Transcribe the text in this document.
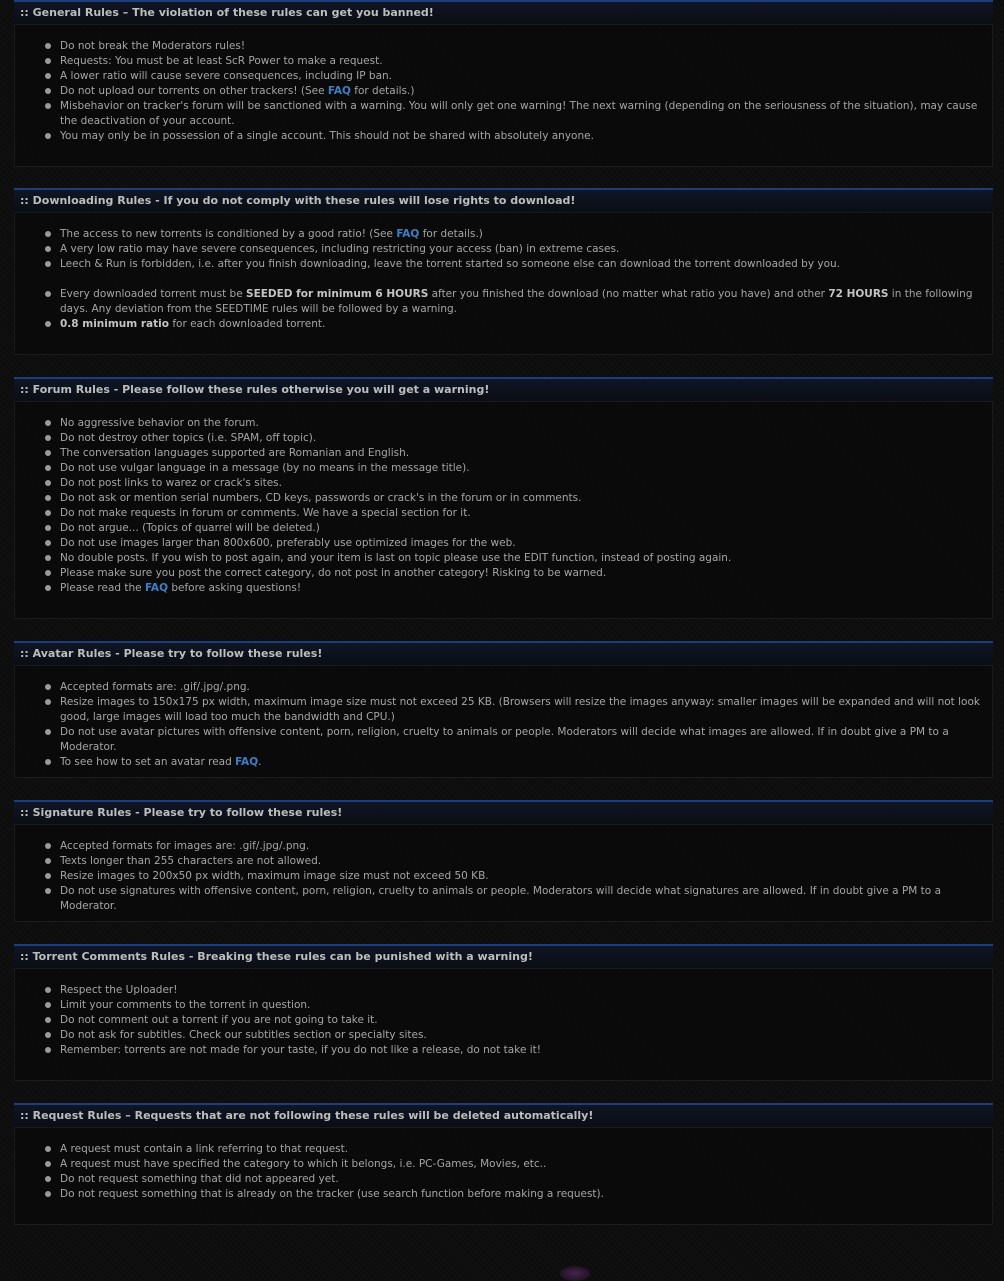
:: General Rules – The violation of these rules can get you banned!
Do not break the Moderators rules!
Requests: You must be at least ScR Power to make a request.
A lower ratio will cause severe consequences, including IP ban.
Do not upload our torrents on other trackers! (See FAQ for details.)
Misbehavior on tracker's forum will be sanctioned with a warning. You will only get one warning! The next warning (depending on the seriousness of the situation), may cause the deactivation of your account.
You may only be in possession of a single account. This should not be shared with absolutely anyone.
:: Downloading Rules - If you do not comply with these rules will lose rights to download!
The access to new torrents is conditioned by a good ratio! (See FAQ for details.)
A very low ratio may have severe consequences, including restricting your access (ban) in extreme cases.
Leech & Run is forbidden, i.e. after you finish downloading, leave the torrent started so someone else can download the torrent downloaded by you.
Every downloaded torrent must be SEEDED for minimum 6 HOURS after you finished the download (no matter what ratio you have) and other 72 HOURS in the following days. Any deviation from the SEEDTIME rules will be followed by a warning.
0.8 minimum ratio for each downloaded torrent.
:: Forum Rules - Please follow these rules otherwise you will get a warning!
No aggressive behavior on the forum.
Do not destroy other topics (i.e. SPAM, off topic).
The conversation languages supported are Romanian and English.
Do not use vulgar language in a message (by no means in the message title).
Do not post links to warez or crack's sites.
Do not ask or mention serial numbers, CD keys, passwords or crack's in the forum or in comments.
Do not make requests in forum or comments. We have a special section for it.
Do not argue... (Topics of quarrel will be deleted.)
Do not use images larger than 800x600, preferably use optimized images for the web.
No double posts. If you wish to post again, and your item is last on topic please use the EDIT function, instead of posting again.
Please make sure you post the correct category, do not post in another category! Risking to be warned.
Please read the FAQ before asking questions!
:: Avatar Rules - Please try to follow these rules!
Accepted formats are: .gif/.jpg/.png.
Resize images to 150x175 px width, maximum image size must not exceed 25 KB. (Browsers will resize the images anyway: smaller images will be expanded and will not look good, large images will load too much the bandwidth and CPU.)
Do not use avatar pictures with offensive content, porn, religion, cruelty to animals or people. Moderators will decide what images are allowed. If in doubt give a PM to a Moderator.
To see how to set an avatar read FAQ.
:: Signature Rules - Please try to follow these rules!
Accepted formats for images are: .gif/.jpg/.png.
Texts longer than 255 characters are not allowed.
Resize images to 200x50 px width, maximum image size must not exceed 50 KB.
Do not use signatures with offensive content, porn, religion, cruelty to animals or people. Moderators will decide what signatures are allowed. If in doubt give a PM to a Moderator.
:: Torrent Comments Rules - Breaking these rules can be punished with a warning!
Respect the Uploader!
Limit your comments to the torrent in question.
Do not comment out a torrent if you are not going to take it.
Do not ask for subtitles. Check our subtitles section or specialty sites.
Remember: torrents are not made for your taste, if you do not like a release, do not take it!
:: Request Rules – Requests that are not following these rules will be deleted automatically!
A request must contain a link referring to that request.
A request must have specified the category to which it belongs, i.e. PC-Games, Movies, etc..
Do not request something that did not appeared yet.
Do not request something that is already on the tracker (use search function before making a request).
